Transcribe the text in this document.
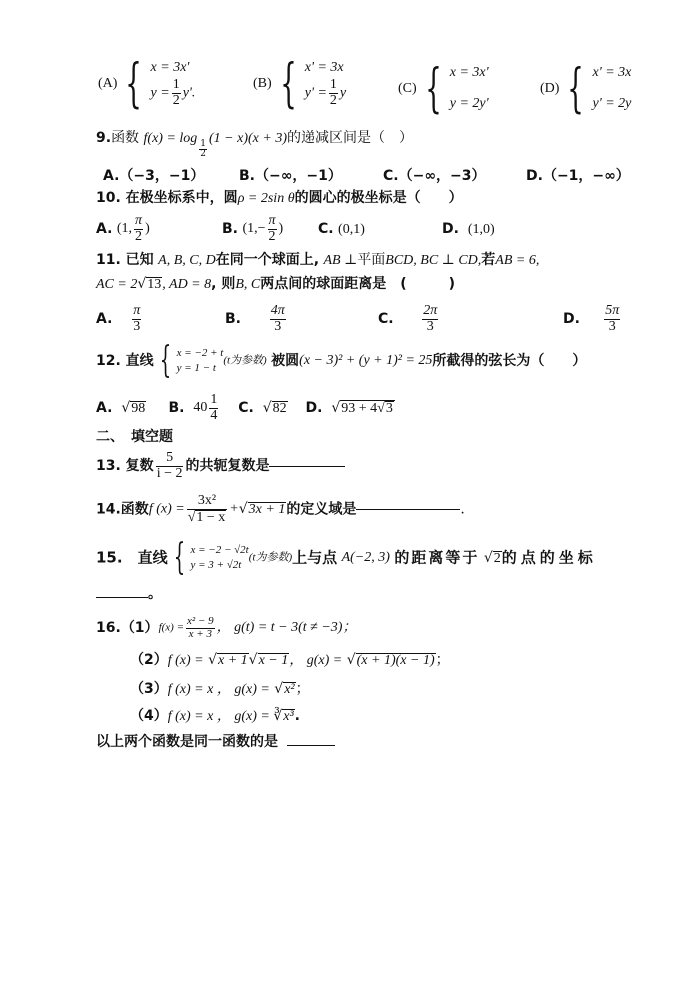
(A) { x = 3x'
$y = \frac{1}{2} y'$.
(B) { x' = 3x
$y' = \frac{1}{2}$ y	(C) { x = 3x'
y = 2y'
(D) { x' = 3x
y' = 2y
9.函数 f(x) = log
$\frac{1}{2}$
(1 − x)(x + 3)的递减区间是（　）
A.（−3，−1） B.（−∞，−1）	C.（−∞，−3）	D.（−1，−∞）
10. 在极坐标系中，圆ρ = 2sin θ的圆心的极坐标是（　　）
A. (1, $\frac{\pi}{2}$ )	B. ($1,- \frac{\pi}{2}$ ) C. (0,1)	D. (1,0)
11. 已知 A, B, C, D在同一个球面上, AB ⊥平面BCD, BC ⊥ CD,若AB = 6,
AC = 2√13, AD = 8, 则B, C两点间的球面距离是　(　　　)
A. $\frac{\pi}{3}$	B. $\frac{4\pi}{3}$	C. $\frac{2\pi}{3}$	D. $\frac{5\pi}{3}$
12. 直线 { x = −2 + t
y = 1 − t
(t为参数) 被圆(x − 3)² + (y + 1)² = 25所截得的弦长为（　　）
A. √98 B. $40 \frac{1}{4} C$. √82 D. √93 + 4√3
二、　填空题
13. 复数 $\frac{5}{i - 2}$ 的共轭复数是
14.函数f $(x) = \frac{\text{3x²}}{√1 - x} +√3x + 1$的定义域是	.
15.　直线 { x = −2 − √2t
y = 3 + √2t
(t为参数)上与点 A(−2, 3) 的距离等于 √2的点的坐标
。
$16.(1)f(x) = \frac{\text{x² − 9}}{x + 3}$ ， g(t) = t − 3(t ≠ −3)；
（2）f (x) = √x + 1√x − 1， g(x) = √(x + 1)(x − 1)；
（3）f (x) = x ， g(x) = √x²；
（4）f (x) = x ， g(x) = ∛x³.
以上两个函数是同一函数的是
